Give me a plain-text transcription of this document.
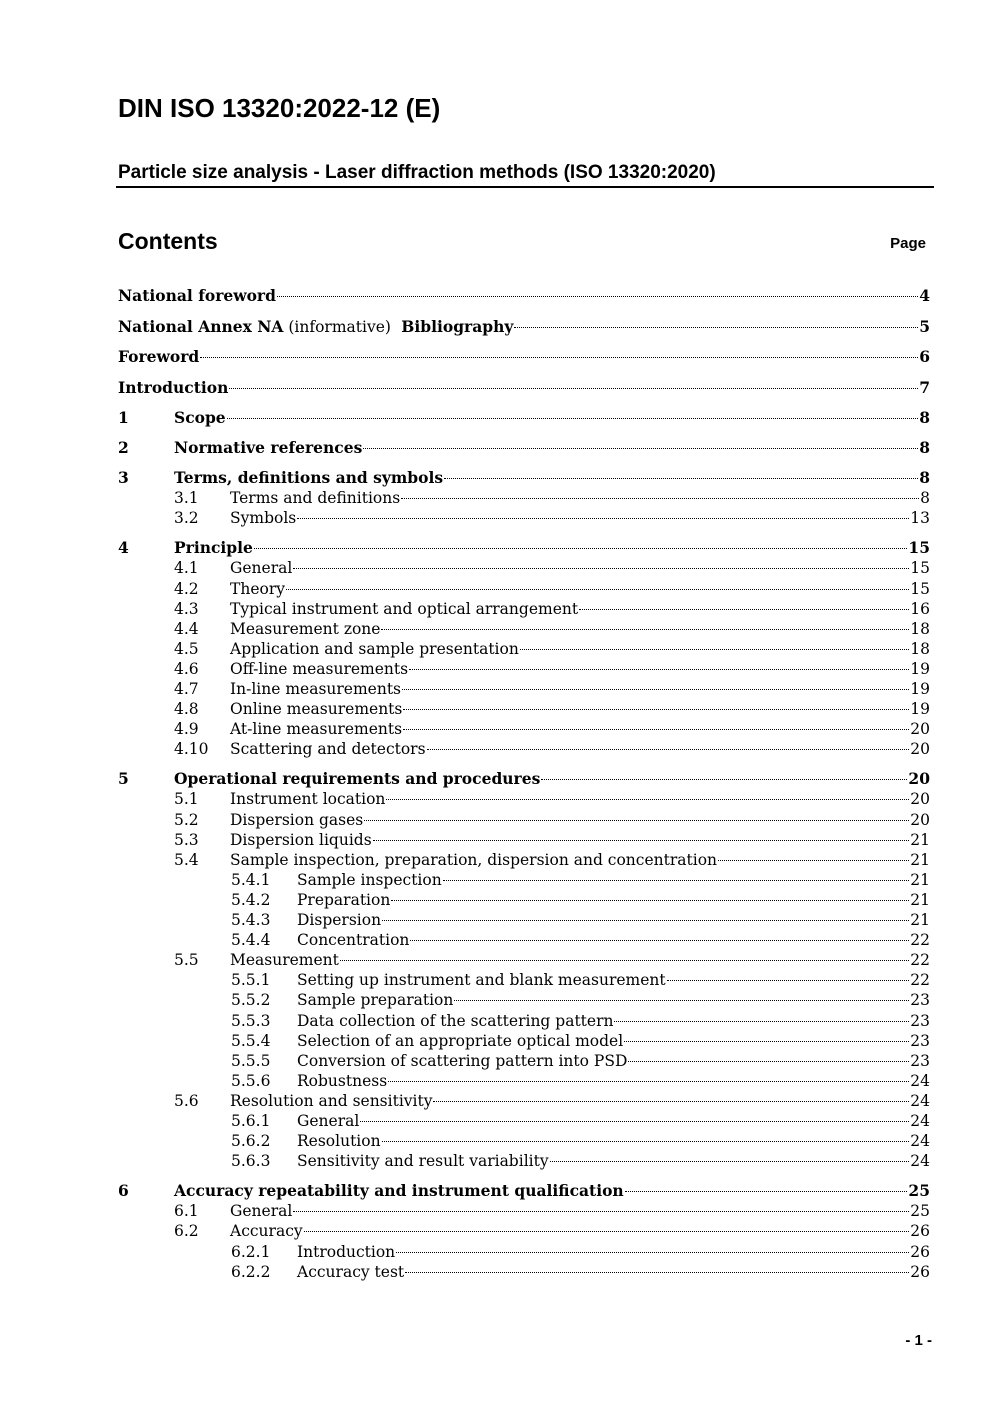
DIN ISO 13320:2022-12 (E)
Particle size analysis - Laser diffraction methods (ISO 13320:2020)
Contents	Page
National foreword	4
National Annex NA (informative)  Bibliography	5
Foreword	6
Introduction	7
1	Scope	8
2	Normative references	8
3	Terms, definitions and symbols	8
3.1	Terms and definitions	8
3.2	Symbols	13
4	Principle	15
4.1	General	15
4.2	Theory	15
4.3	Typical instrument and optical arrangement	16
4.4	Measurement zone	18
4.5	Application and sample presentation	18
4.6	Off-line measurements	19
4.7	In-line measurements	19
4.8	Online measurements	19
4.9	At-line measurements	20
4.10	Scattering and detectors	20
5	Operational requirements and procedures	20
5.1	Instrument location	20
5.2	Dispersion gases	20
5.3	Dispersion liquids	21
5.4	Sample inspection, preparation, dispersion and concentration	21
5.4.1	Sample inspection	21
5.4.2	Preparation	21
5.4.3	Dispersion	21
5.4.4	Concentration	22
5.5	Measurement	22
5.5.1	Setting up instrument and blank measurement	22
5.5.2	Sample preparation	23
5.5.3	Data collection of the scattering pattern	23
5.5.4	Selection of an appropriate optical model	23
5.5.5	Conversion of scattering pattern into PSD	23
5.5.6	Robustness	24
5.6	Resolution and sensitivity	24
5.6.1	General	24
5.6.2	Resolution	24
5.6.3	Sensitivity and result variability	24
6	Accuracy repeatability and instrument qualification	25
6.1	General	25
6.2	Accuracy	26
6.2.1	Introduction	26
6.2.2	Accuracy test	26
- 1 -
